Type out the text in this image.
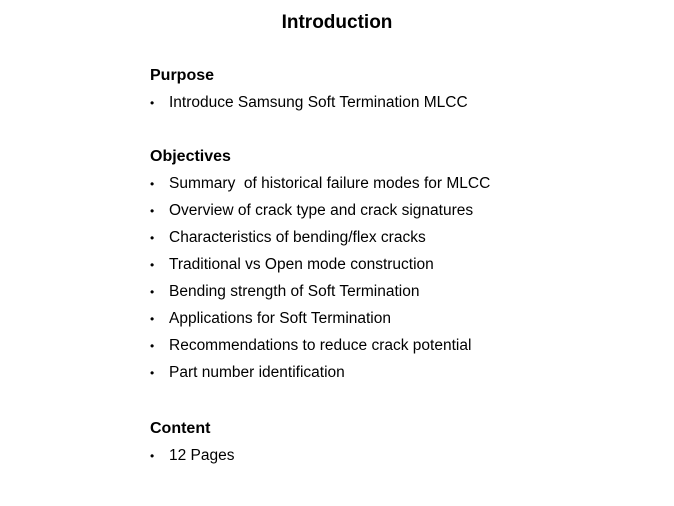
Introduction
Purpose
• Introduce Samsung Soft Termination MLCC
Objectives
• Summary  of historical failure modes for MLCC
• Overview of crack type and crack signatures
• Characteristics of bending/flex cracks
• Traditional vs Open mode construction
• Bending strength of Soft Termination
• Applications for Soft Termination
• Recommendations to reduce crack potential
• Part number identification
Content
• 12 Pages
